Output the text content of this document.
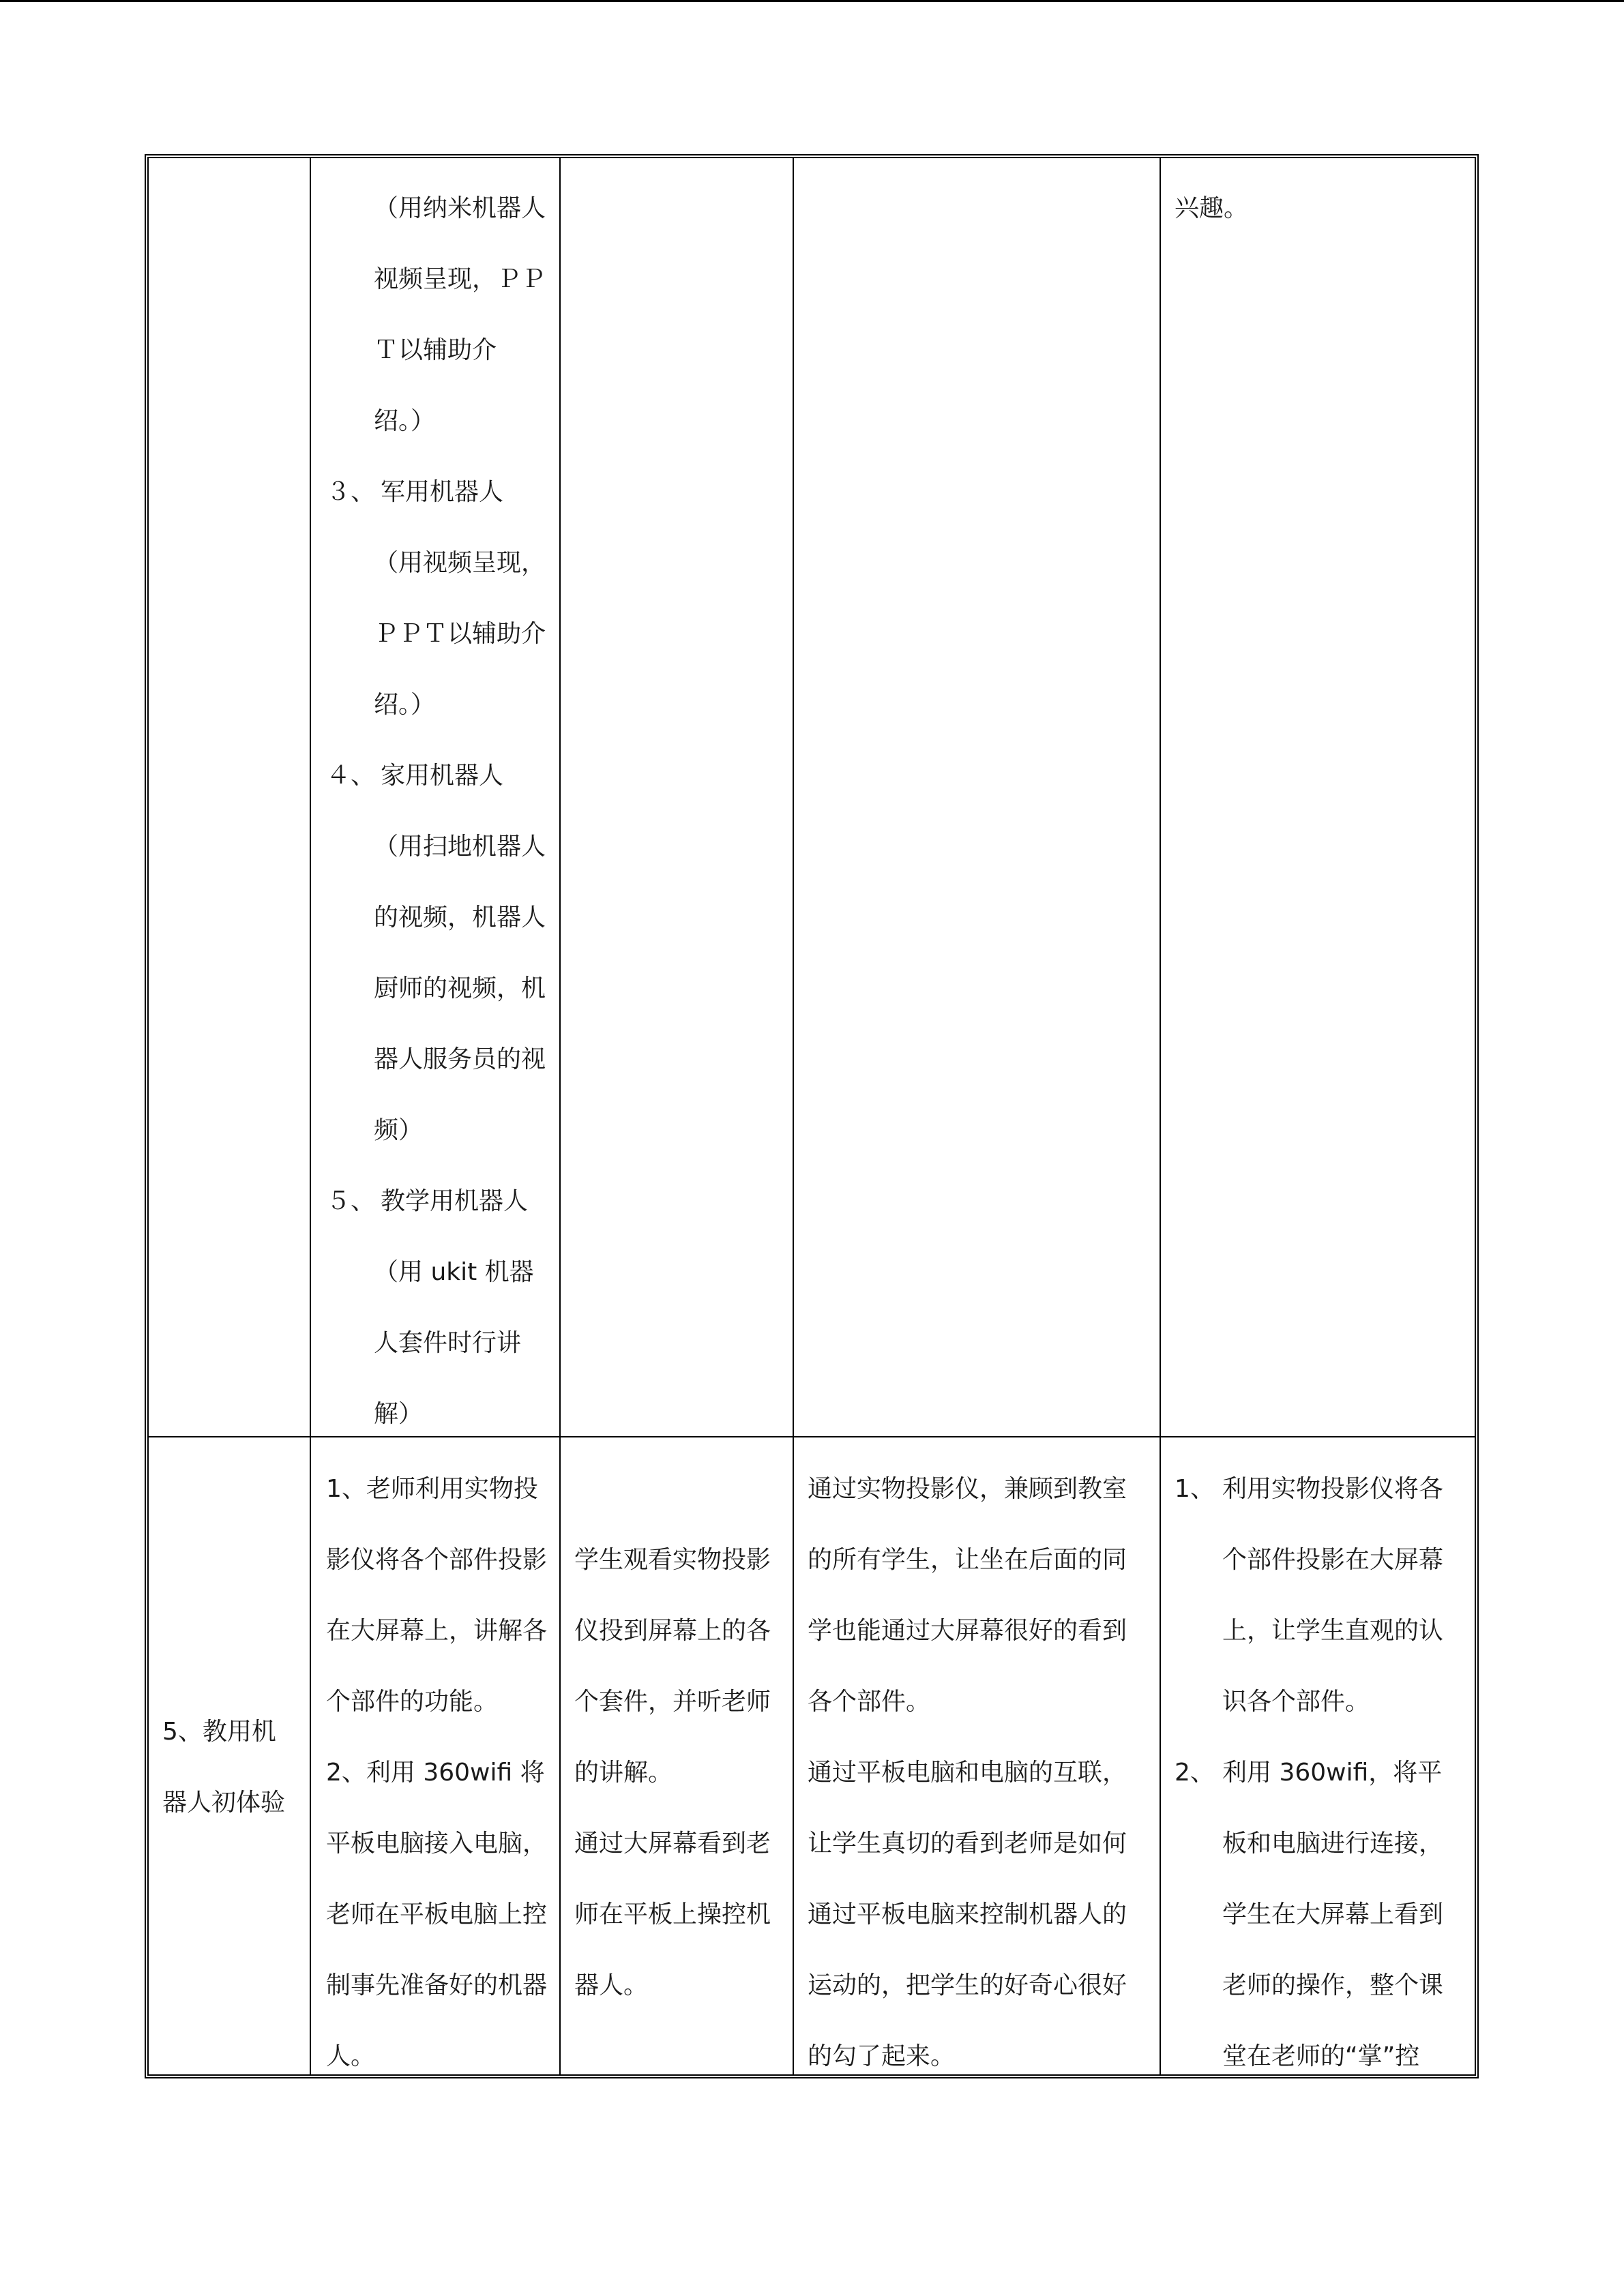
（用纳米机器人
视频呈现，ＰＰ
Ｔ以辅助介
绍。）
３、 军用机器人
（用视频呈现，
ＰＰＴ以辅助介
绍。）
４、 家用机器人
（用扫地机器人
的视频，机器人
厨师的视频，机
器人服务员的视
频）
５、 教学用机器人
（用 ukit 机器
人套件时行讲
解）
兴趣。
5、教用机
器人初体验
1、老师利用实物投
影仪将各个部件投影
在大屏幕上，讲解各
个部件的功能。
2、利用 360wifi 将
平板电脑接入电脑，
老师在平板电脑上控
制事先准备好的机器
人。
学生观看实物投影
仪投到屏幕上的各
个套件，并听老师
的讲解。
通过大屏幕看到老
师在平板上操控机
器人。
通过实物投影仪，兼顾到教室
的所有学生，让坐在后面的同
学也能通过大屏幕很好的看到
各个部件。
通过平板电脑和电脑的互联，
让学生真切的看到老师是如何
通过平板电脑来控制机器人的
运动的，把学生的好奇心很好
的勾了起来。
1、 利用实物投影仪将各
个部件投影在大屏幕
上，让学生直观的认
识各个部件。
2、 利用 360wifi，将平
板和电脑进行连接，
学生在大屏幕上看到
老师的操作，整个课
堂在老师的“掌”控
